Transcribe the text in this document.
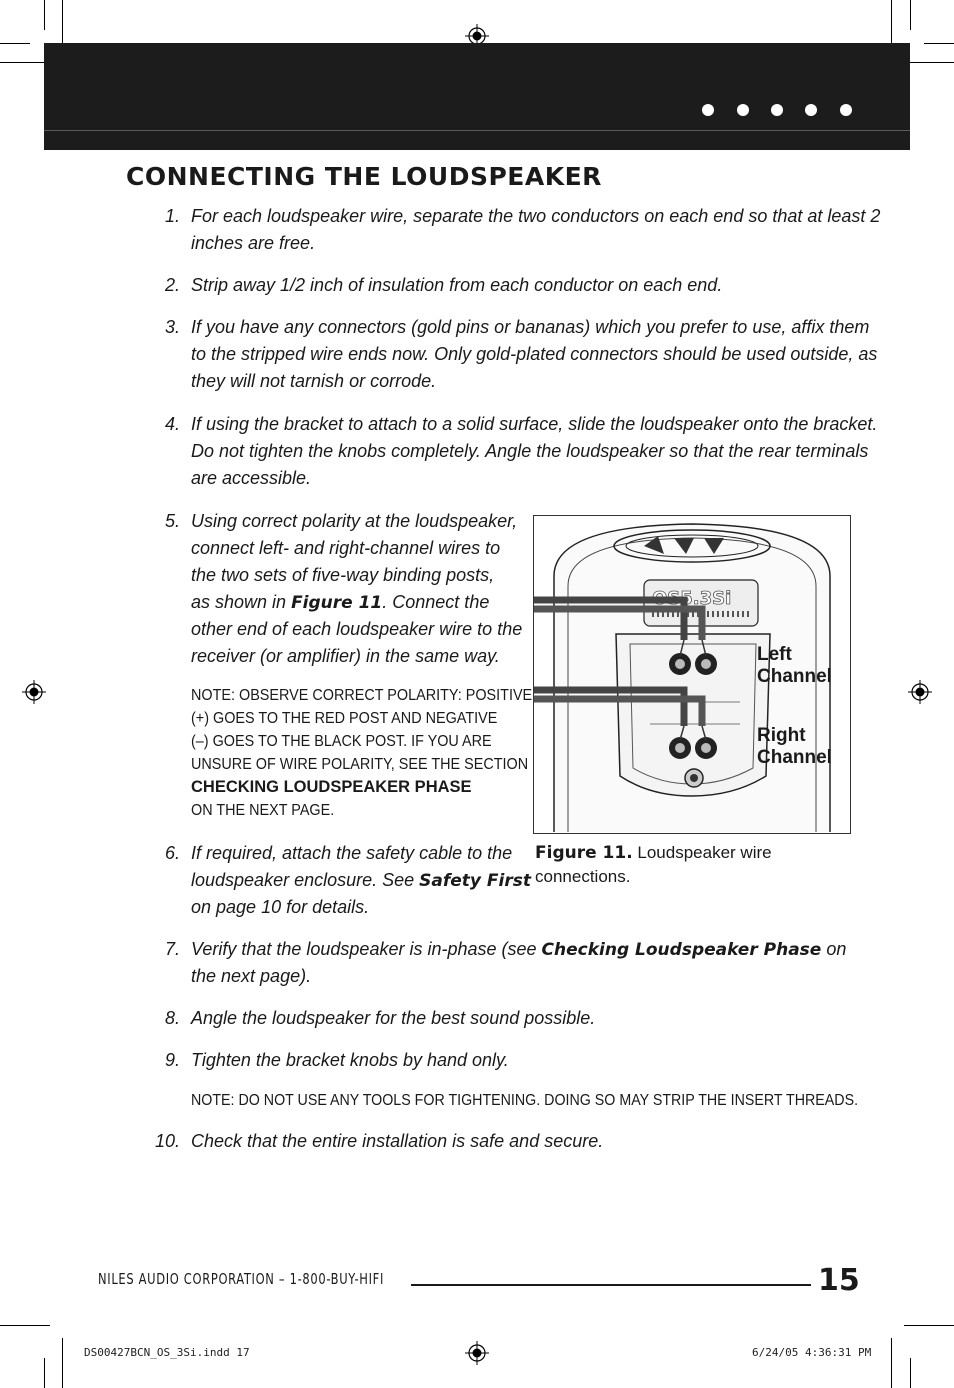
CONNECTING THE LOUDSPEAKER
1. For each loudspeaker wire, separate the two conductors on each end so that at least 2
inches are free.
2. Strip away 1/2 inch of insulation from each conductor on each end.
3. If you have any connectors (gold pins or bananas) which you prefer to use, affix them
to the stripped wire ends now. Only gold-plated connectors should be used outside, as
they will not tarnish or corrode.
4. If using the bracket to attach to a solid surface, slide the loudspeaker onto the bracket.
Do not tighten the knobs completely. Angle the loudspeaker so that the rear terminals
are accessible.
5. Using correct polarity at the loudspeaker,
connect left- and right-channel wires to
the two sets of five-way binding posts,
as shown in Figure 11. Connect the
other end of each loudspeaker wire to the
receiver (or amplifier) in the same way.
NOTE: OBSERVE CORRECT POLARITY: POSITIVE
(+) GOES TO THE RED POST AND NEGATIVE
(–) GOES TO THE BLACK POST. IF YOU ARE
UNSURE OF WIRE POLARITY, SEE THE SECTION
CHECKING LOUDSPEAKER PHASE
ON THE NEXT PAGE.
6. If required, attach the safety cable to the
loudspeaker enclosure. See Safety First
on page 10 for details.
7. Verify that the loudspeaker is in-phase (see Checking Loudspeaker Phase on
the next page).
8. Angle the loudspeaker for the best sound possible.
9. Tighten the bracket knobs by hand only.
NOTE: DO NOT USE ANY TOOLS FOR TIGHTENING. DOING SO MAY STRIP THE INSERT THREADS.
10. Check that the entire installation is safe and secure.
OS5.3Si
Left
Channel
Right
Channel
Figure 11. Loudspeaker wire
connections.
NILES AUDIO CORPORATION – 1-800-BUY-HIFI	15
DS00427BCN_OS_3Si.indd 17	6/24/05 4:36:31 PM
